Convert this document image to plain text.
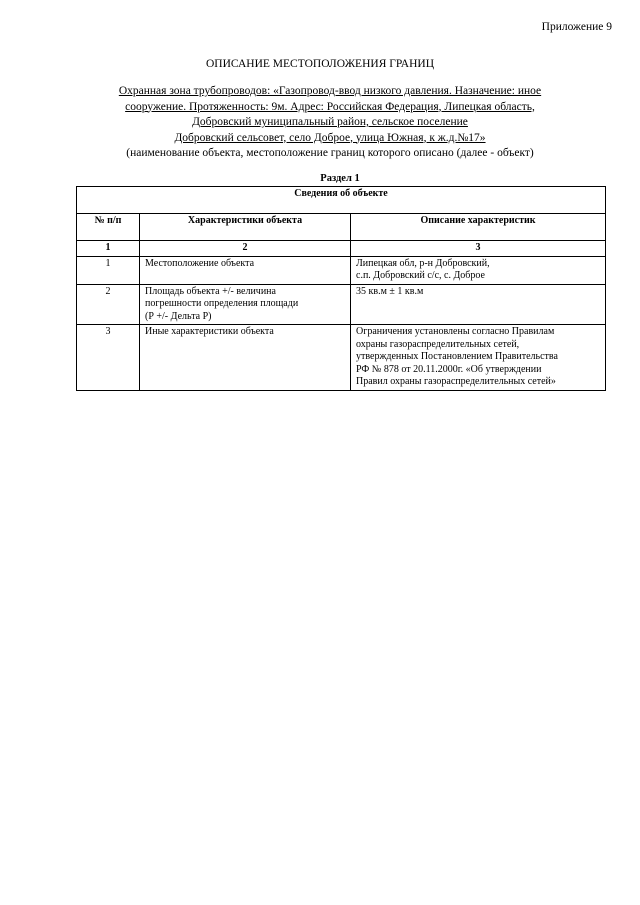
Приложение 9
ОПИСАНИЕ МЕСТОПОЛОЖЕНИЯ ГРАНИЦ
Охранная зона трубопроводов: «Газопровод-ввод низкого давления. Назначение: иное
сооружение. Протяженность: 9м. Адрес: Российская Федерация, Липецкая область,
Добровский муниципальный район, сельское поселение
Добровский сельсовет, село Доброе, улица Южная, к ж.д.№17»
(наименование объекта, местоположение границ которого описано (далее - объект)
Раздел 1
Сведения об объекте		
№ п/п	Характеристики объекта	Описание характеристик
1	2	3
1	Местоположение объекта	Липецкая обл, р-н Добровский,
с.п. Добровский с/с, с. Доброе

2	Площадь объекта +/- величина
погрешности определения площади
(Р +/- Дельта Р)	35 кв.м ± 1 кв.м

3	Иные характеристики объекта	Ограничения установлены согласно Правилам
охраны газораспределительных сетей,
утвержденных Постановлением Правительства
РФ № 878 от 20.11.2000г. «Об утверждении
Правил охраны газораспределительных сетей»
